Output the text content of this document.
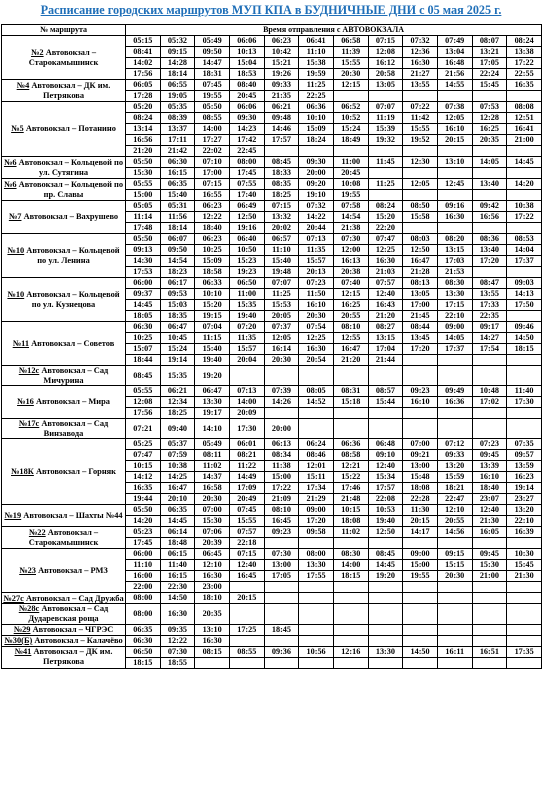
Расписание городских маршрутов МУП КПА в БУДНИЧНЫЕ ДНИ с 05 мая 2025 г.
№ маршрута	Время отправления с АВТОВОКЗАЛА											
№2 Автовокзал – Старокамышинск	05:15	05:32	05:49	06:06	06:23	06:41	06:58	07:15	07:32	07:49	08:07	08:24
	08:41	09:15	09:50	10:13	10:42	11:10	11:39	12:08	12:36	13:04	13:21	13:38
	14:02	14:28	14:47	15:04	15:21	15:38	15:55	16:12	16:30	16:48	17:05	17:22
	17:56	18:14	18:31	18:53	19:26	19:59	20:30	20:58	21:27	21:56	22:24	22:55
№4 Автовокзал – ДК им. Петрякова	06:05	06:55	07:45	08:40	09:33	11:25	12:15	13:05	13:55	14:55	15:45	16:35
	17:28	19:05	19:55	20:45	21:35	22:25						
№5 Автовокзал – Потанино	05:20	05:35	05:50	06:06	06:21	06:36	06:52	07:07	07:22	07:38	07:53	08:08
	08:24	08:39	08:55	09:30	09:48	10:10	10:52	11:19	11:42	12:05	12:28	12:51
	13:14	13:37	14:00	14:23	14:46	15:09	15:24	15:39	15:55	16:10	16:25	16:41
	16:56	17:11	17:27	17:42	17:57	18:24	18:49	19:32	19:52	20:15	20:35	21:00
	21:20	21:42	22:02	22:45								
№6 Автовокзал – Кольцевой по ул. Сутягина	05:50	06:30	07:10	08:00	08:45	09:30	11:00	11:45	12:30	13:10	14:05	14:45
	15:30	16:15	17:00	17:45	18:33	20:00	20:45					
№6 Автовокзал – Кольцевой по пр. Славы	05:55	06:35	07:15	07:55	08:35	09:20	10:08	11:25	12:05	12:45	13:40	14:20
	15:00	15:40	16:55	17:40	18:25	19:10	19:55					
№7 Автовокзал – Вахрушево	05:05	05:31	06:23	06:49	07:15	07:32	07:58	08:24	08:50	09:16	09:42	10:38
	11:14	11:56	12:22	12:50	13:32	14:22	14:54	15:20	15:58	16:30	16:56	17:22
	17:48	18:14	18:40	19:16	20:02	20:44	21:38	22:20				
№10 Автовокзал – Кольцевой по ул. Ленина	05:50	06:07	06:23	06:40	06:57	07:13	07:30	07:47	08:03	08:20	08:36	08:53
	09:13	09:50	10:25	10:50	11:10	11:35	12:00	12:25	12:50	13:15	13:40	14:04
	14:30	14:54	15:09	15:23	15:40	15:57	16:13	16:30	16:47	17:03	17:20	17:37
	17:53	18:23	18:58	19:23	19:48	20:13	20:38	21:03	21:28	21:53		
№10 Автовокзал – Кольцевой по ул. Кузнецова	06:00	06:17	06:33	06:50	07:07	07:23	07:40	07:57	08:13	08:30	08:47	09:03
	09:37	09:53	10:10	11:00	11:25	11:50	12:15	12:40	13:05	13:30	13:55	14:13
	14:45	15:03	15:20	15:35	15:53	16:10	16:25	16:43	17:00	17:15	17:33	17:50
	18:05	18:35	19:15	19:40	20:05	20:30	20:55	21:20	21:45	22:10	22:35	
№11 Автовокзал – Советов	06:30	06:47	07:04	07:20	07:37	07:54	08:10	08:27	08:44	09:00	09:17	09:46
	10:25	10:45	11:15	11:35	12:05	12:25	12:55	13:15	13:45	14:05	14:27	14:50
	15:07	15:24	15:40	15:57	16:14	16:30	16:47	17:04	17:20	17:37	17:54	18:15
	18:44	19:14	19:40	20:04	20:30	20:54	21:20	21:44				
№12с Автовокзал – Сад Мичурина	08:45	15:35	19:20									
№16 Автовокзал – Мира	05:55	06:21	06:47	07:13	07:39	08:05	08:31	08:57	09:23	09:49	10:48	11:40
	12:08	12:34	13:30	14:00	14:26	14:52	15:18	15:44	16:10	16:36	17:02	17:30
	17:56	18:25	19:17	20:09								
№17с Автовокзал – Сад Винзавода	07:21	09:40	14:10	17:30	20:00							
№18К Автовокзал – Горняк	05:25	05:37	05:49	06:01	06:13	06:24	06:36	06:48	07:00	07:12	07:23	07:35
	07:47	07:59	08:11	08:21	08:34	08:46	08:58	09:10	09:21	09:33	09:45	09:57
	10:15	10:38	11:02	11:22	11:38	12:01	12:21	12:40	13:00	13:20	13:39	13:59
	14:12	14:25	14:37	14:49	15:00	15:11	15:22	15:34	15:48	15:59	16:10	16:23
	16:35	16:47	16:58	17:09	17:22	17:34	17:46	17:57	18:08	18:21	18:40	19:14
	19:44	20:10	20:30	20:49	21:09	21:29	21:48	22:08	22:28	22:47	23:07	23:27
№19 Автовокзал – Шахты №44	05:50	06:35	07:00	07:45	08:10	09:00	10:15	10:53	11:30	12:10	12:40	13:20
	14:20	14:45	15:30	15:55	16:45	17:20	18:08	19:40	20:15	20:55	21:30	22:10
№22 Автовокзал – Старокамышинск	05:23	06:14	07:06	07:57	09:23	09:58	11:02	12:50	14:17	14:56	16:05	16:39
	17:45	18:48	20:39	22:18								
№23 Автовокзал – РМЗ	06:00	06:15	06:45	07:15	07:30	08:00	08:30	08:45	09:00	09:15	09:45	10:30
	11:10	11:40	12:10	12:40	13:00	13:30	14:00	14:45	15:00	15:15	15:30	15:45
	16:00	16:15	16:30	16:45	17:05	17:55	18:15	19:20	19:55	20:30	21:00	21:30
	22:00	22:30	23:00									
№27с Автовокзал – Сад Дружба	08:00	14:50	18:10	20:15								
№28с Автовокзал – Сад Дударевская роща	08:00	16:30	20:35									
№29 Автовокзал – ЧГРЭС	06:35	09:35	13:10	17:25	18:45							
№30(Б) Автовокзал – Калачёво	06:30	12:22	16:30									
№41 Автовокзал – ДК им. Петрякова	06:50	07:30	08:15	08:55	09:36	10:56	12:16	13:30	14:50	16:11	16:51	17:35
	18:15	18:55										
